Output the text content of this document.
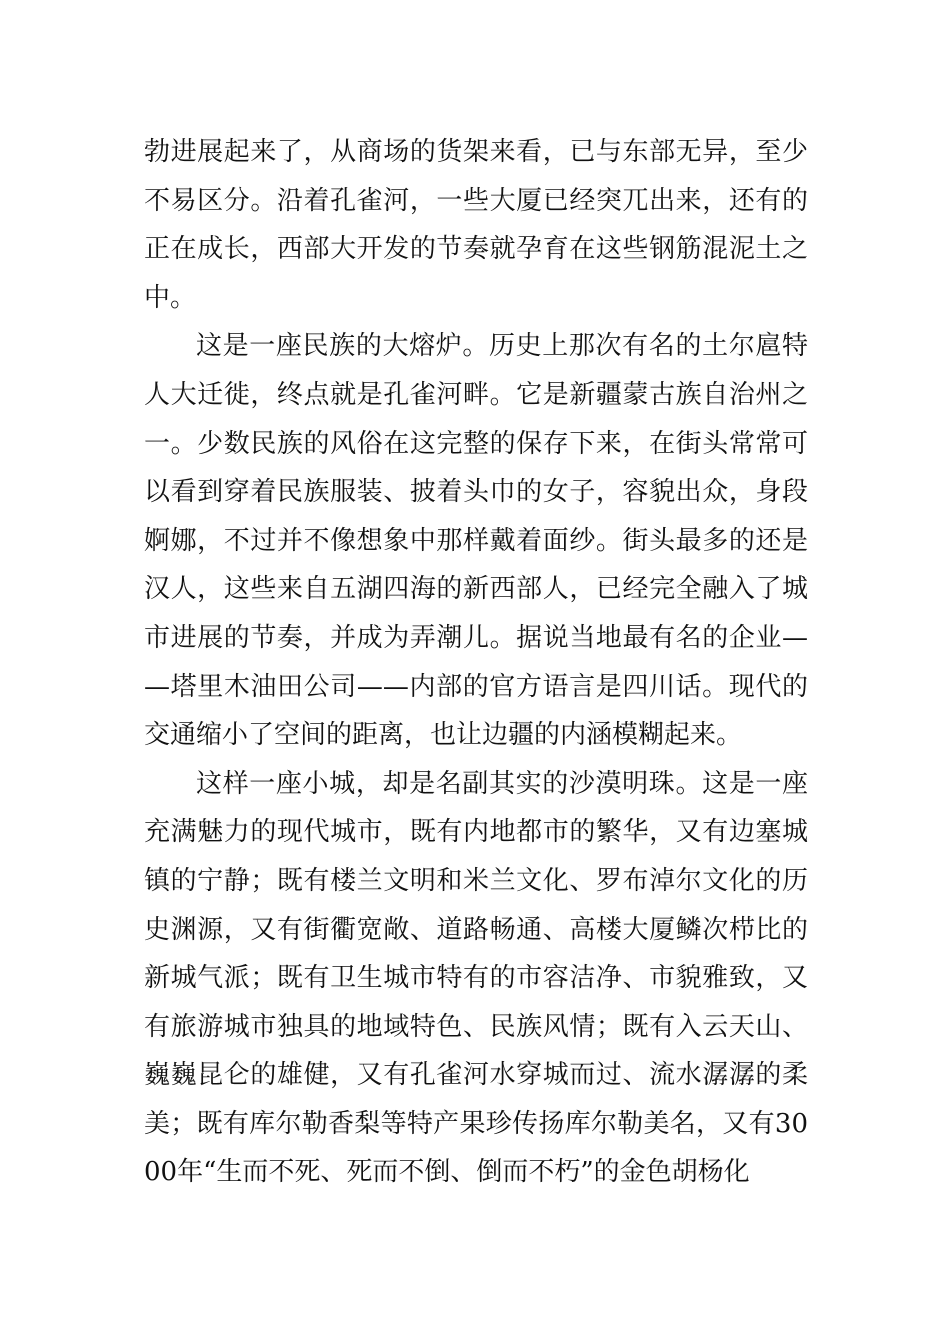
勃进展起来了，从商场的货架来看，已与东部无异，至少不易区分。沿着孔雀河，一些大厦已经突兀出来，还有的正在成长，西部大开发的节奏就孕育在这些钢筋混泥土之中。

这是一座民族的大熔炉。历史上那次有名的土尔扈特人大迁徙，终点就是孔雀河畔。它是新疆蒙古族自治州之一。少数民族的风俗在这完整的保存下来，在街头常常可以看到穿着民族服装、披着头巾的女子，容貌出众，身段婀娜，不过并不像想象中那样戴着面纱。街头最多的还是汉人，这些来自五湖四海的新西部人，已经完全融入了城市进展的节奏，并成为弄潮儿。据说当地最有名的企业——塔里木油田公司——内部的官方语言是四川话。现代的交通缩小了空间的距离，也让边疆的内涵模糊起来。

这样一座小城，却是名副其实的沙漠明珠。这是一座充满魅力的现代城市，既有内地都市的繁华，又有边塞城镇的宁静；既有楼兰文明和米兰文化、罗布淖尔文化的历史渊源，又有街衢宽敞、道路畅通、高楼大厦鳞次栉比的新城气派；既有卫生城市特有的市容洁净、市貌雅致，又有旅游城市独具的地域特色、民族风情；既有入云天山、巍巍昆仑的雄健，又有孔雀河水穿城而过、流水潺潺的柔美；既有库尔勒香梨等特产果珍传扬库尔勒美名，又有3000年“生而不死、死而不倒、倒而不朽”的金色胡杨化
